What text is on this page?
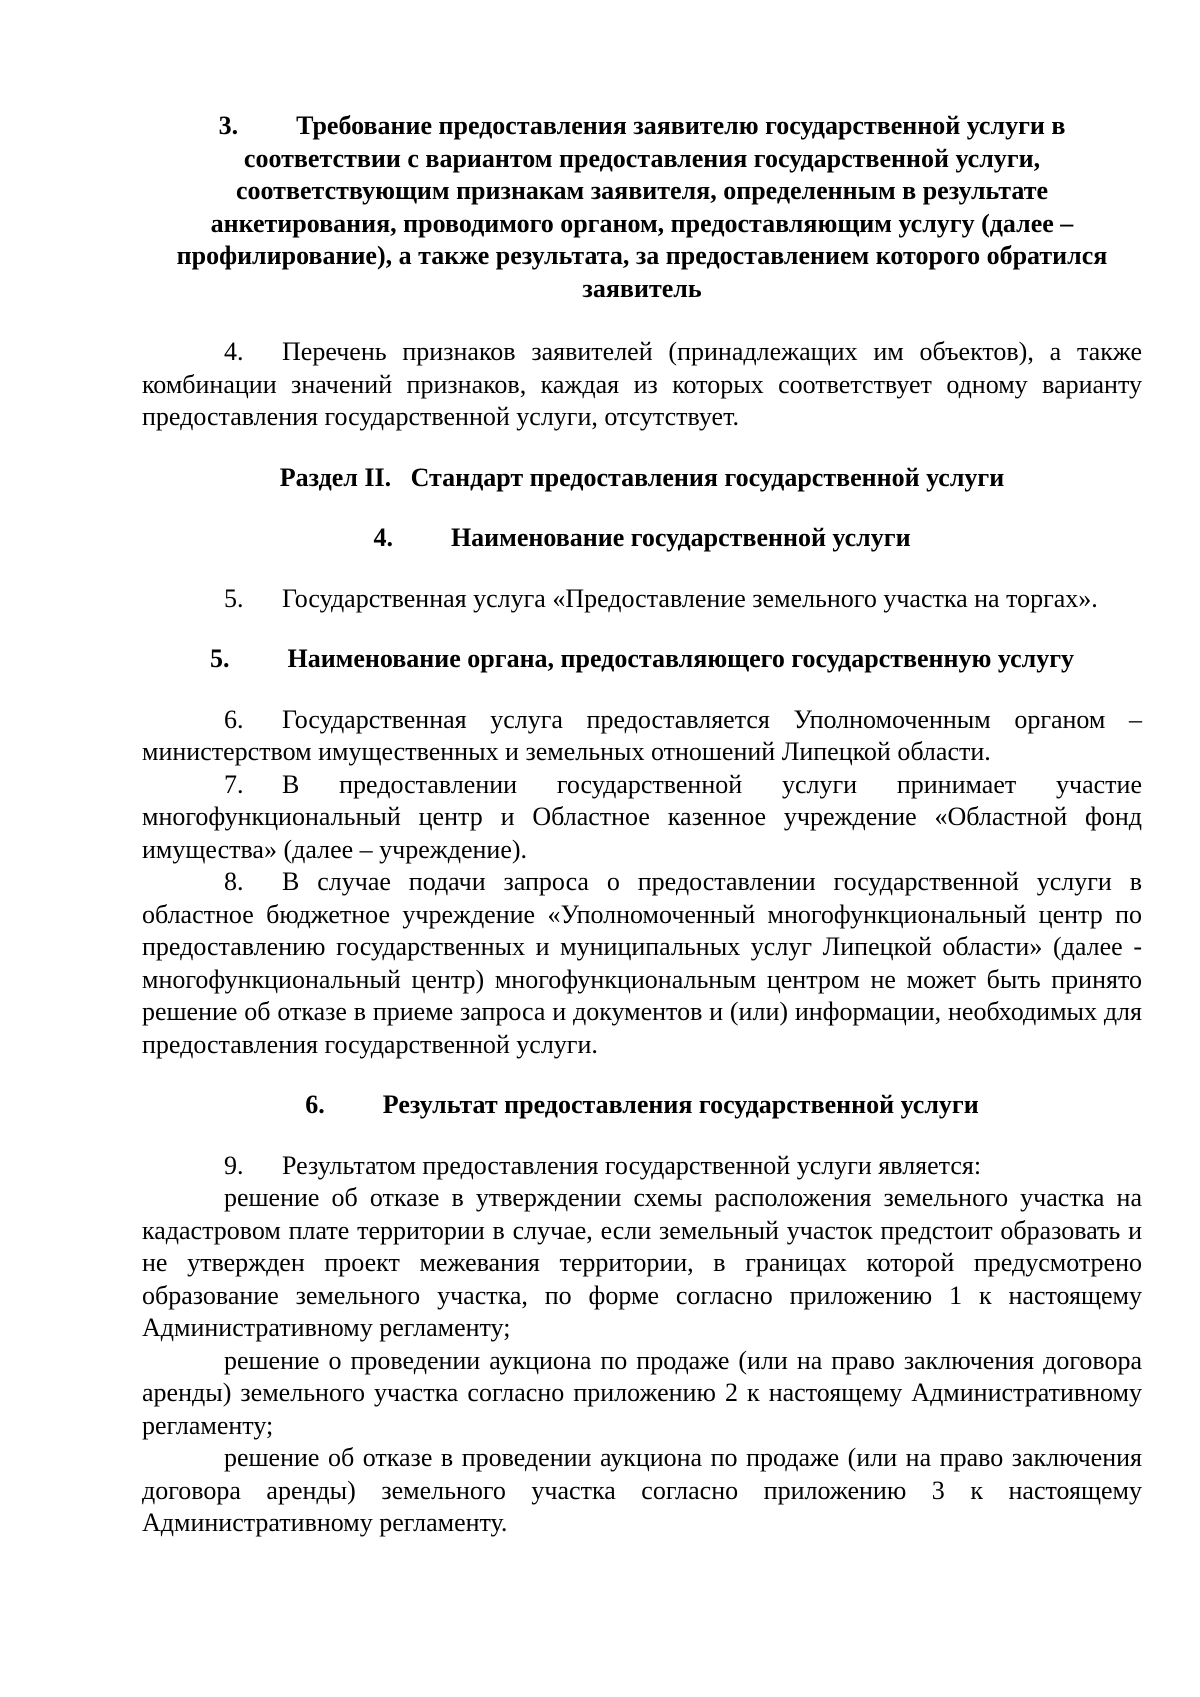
3. Требование предоставления заявителю государственной услуги в соответствии с вариантом предоставления государственной услуги, соответствующим признакам заявителя, определенным в результате анкетирования, проводимого органом, предоставляющим услугу (далее – профилирование), а также результата, за предоставлением которого обратился заявитель

4. Перечень признаков заявителей (принадлежащих им объектов), а также комбинации значений признаков, каждая из которых соответствует одному варианту предоставления государственной услуги, отсутствует.

Раздел II.   Стандарт предоставления государственной услуги

4. Наименование государственной услуги

5. Государственная услуга «Предоставление земельного участка на торгах».

5. Наименование органа, предоставляющего государственную услугу

6. Государственная услуга предоставляется Уполномоченным органом – министерством имущественных и земельных отношений Липецкой области.

7. В предоставлении государственной услуги принимает участие многофункциональный центр и Областное казенное учреждение «Областной фонд имущества» (далее – учреждение).

8. В случае подачи запроса о предоставлении государственной услуги в областное бюджетное учреждение «Уполномоченный многофункциональный центр по предоставлению государственных и муниципальных услуг Липецкой области» (далее - многофункциональный центр) многофункциональным центром не может быть принято решение об отказе в приеме запроса и документов и (или) информации, необходимых для предоставления государственной услуги.

6. Результат предоставления государственной услуги

9. Результатом предоставления государственной услуги является:

решение об отказе в утверждении схемы расположения земельного участка на кадастровом плате территории в случае, если земельный участок предстоит образовать и не утвержден проект межевания территории, в границах которой предусмотрено образование земельного участка, по форме согласно приложению 1 к настоящему Административному регламенту;

решение о проведении аукциона по продаже (или на право заключения договора аренды) земельного участка согласно приложению 2 к настоящему Административному регламенту;

решение об отказе в проведении аукциона по продаже (или на право заключения договора аренды) земельного участка согласно приложению 3 к настоящему Административному регламенту.
